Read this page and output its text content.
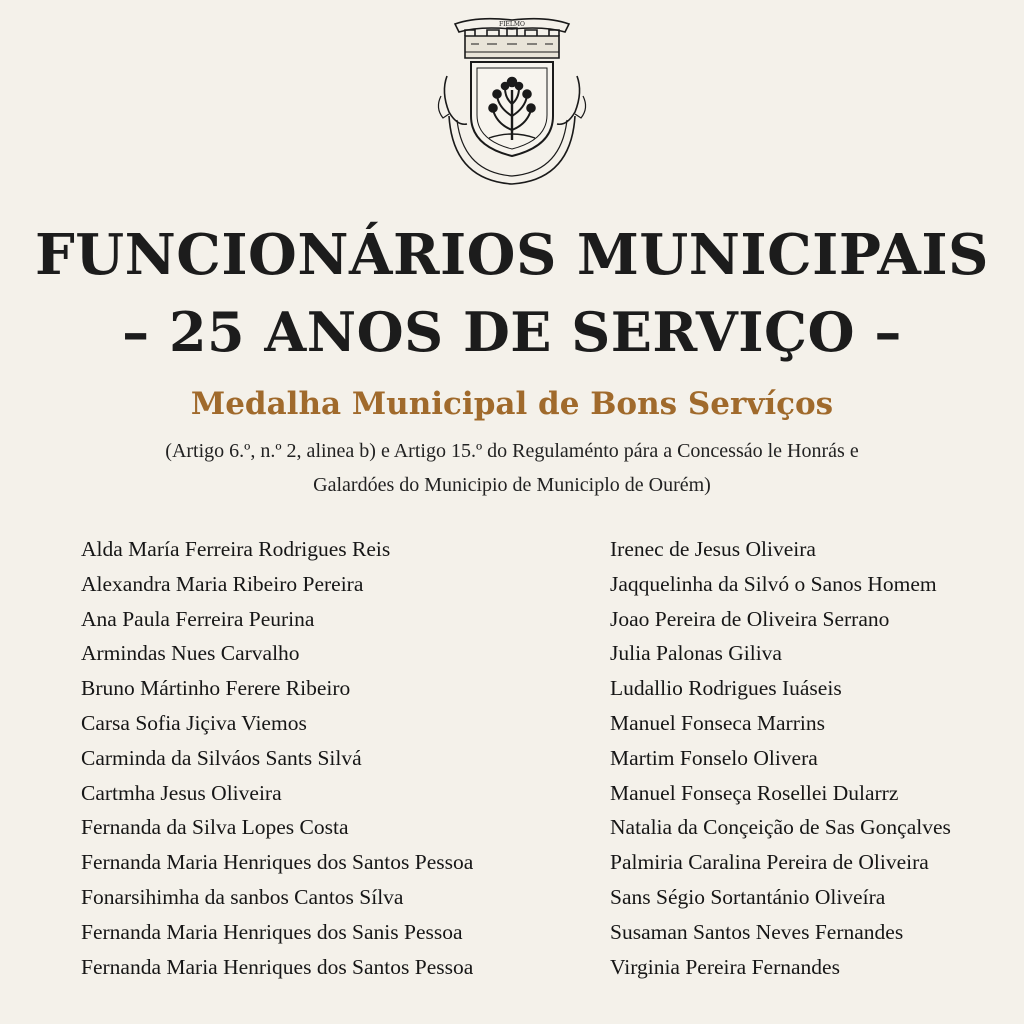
FIELMO
FUNCIONÁRIOS MUNICIPAIS
– 25 ANOS DE SERVIÇO –
Medalha Municipal de Bons Servíços
(Artigo 6.º, n.º 2, alinea b) e Artigo 15.º do Regulaménto pára a Concessáo le Honrás e
Galardóes do Municipio de Municiplo de Ourém)
Alda María Ferreira Rodrigues Reis
Alexandra Maria Ribeiro Pereira
Ana Paula Ferreira Peurina
Armindas Nues Carvalho
Bruno Mártinho Ferere Ribeiro
Carsa Sofia Jiçiva Viemos
Carminda da Silváos Sants Silvá
Cartmha Jesus Oliveira
Fernanda da Silva Lopes Costa
Fernanda Maria Henriques dos Santos Pessoa
Fonarsihimha da sanbos Cantos Sílva
Fernanda Maria Henriques dos Sanis Pessoa
Fernanda Maria Henriques dos Santos Pessoa
Irenec de Jesus Oliveira
Jaqquelinha da Silvó o Sanos Homem
Joao Pereira de Oliveira Serrano
Julia Palonas Giliva
Ludallio Rodrigues Iuáseis
Manuel Fonseca Marrins
Martim Fonselo Olivera
Manuel Fonseça Rosellei Dularrz
Natalia da Conçeição de Sas Gonçalves
Palmiria Caralina Pereira de Oliveira
Sans Ségio Sortantánio Oliveíra
Susaman Santos Neves Fernandes
Virginia Pereira Fernandes
